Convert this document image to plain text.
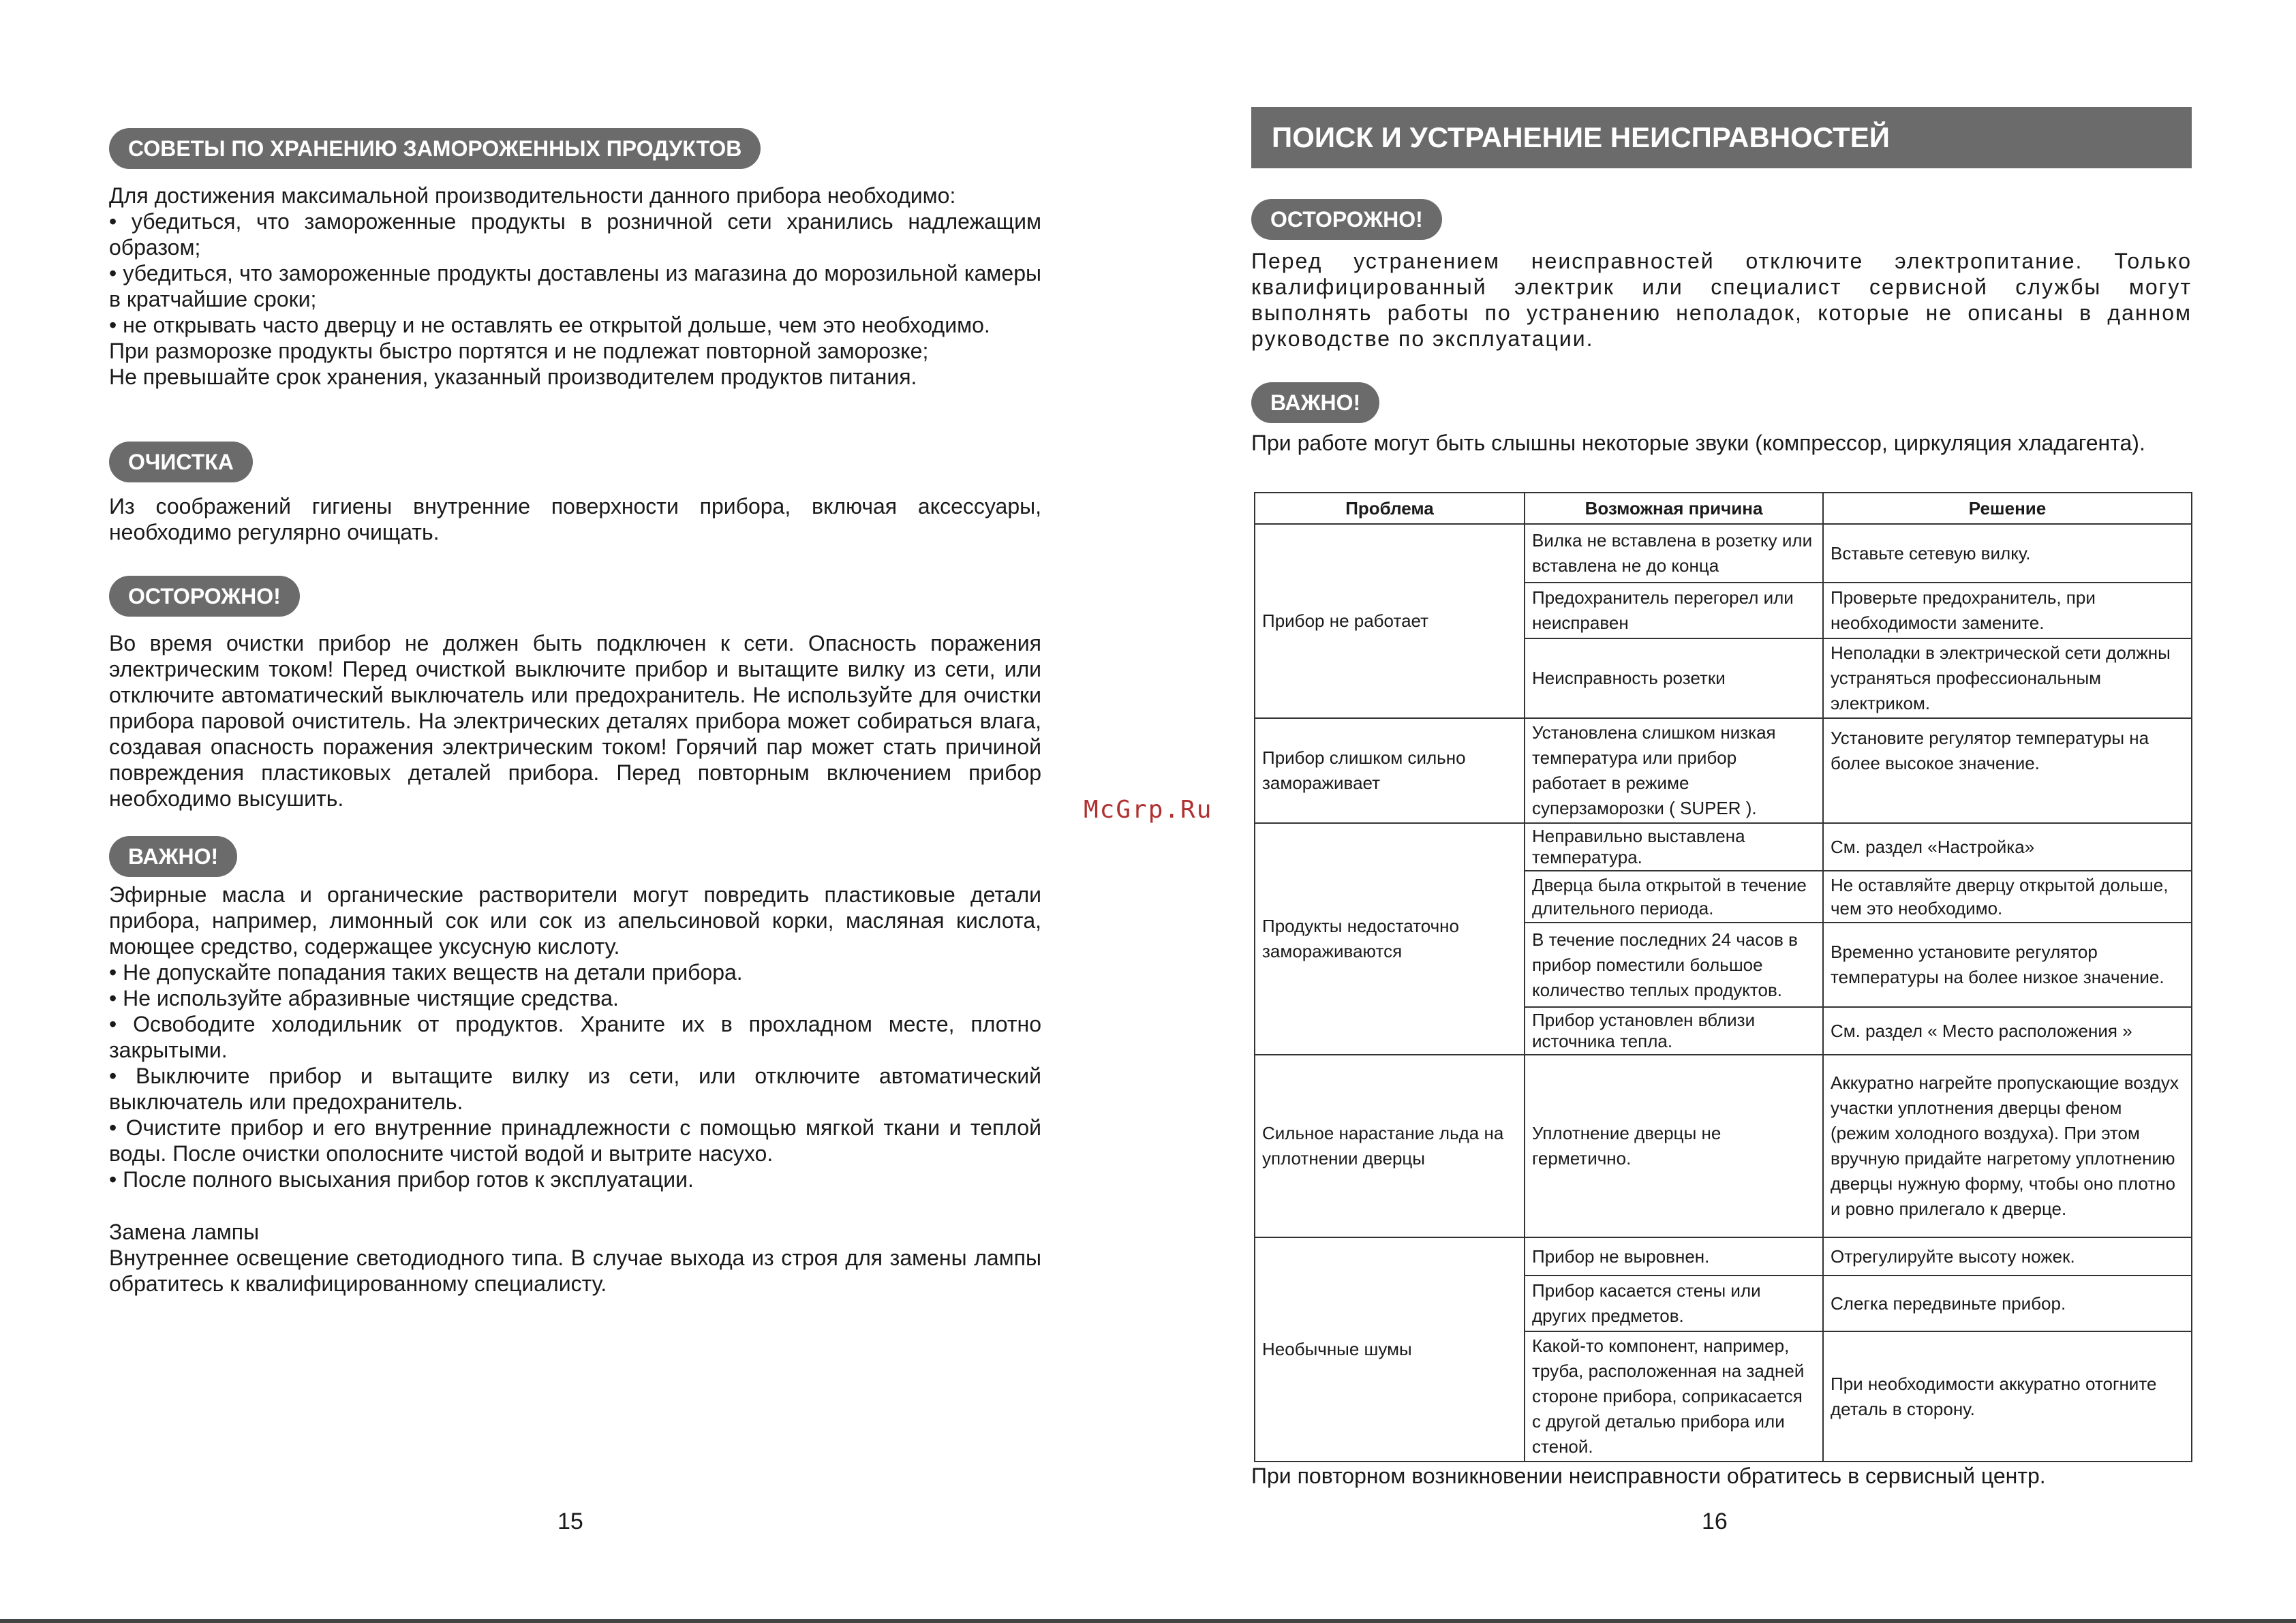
СОВЕТЫ ПО ХРАНЕНИЮ ЗАМОРОЖЕННЫХ ПРОДУКТОВ

Для достижения максимальной производительности данного прибора необходимо:

• убедиться, что замороженные продукты в розничной сети хранились надлежащим образом;

• убедиться, что замороженные продукты доставлены из магазина до морозильной камеры в кратчайшие сроки;

• не открывать часто дверцу и не оставлять ее открытой дольше, чем это необходимо.

При разморозке продукты быстро портятся и не подлежат повторной заморозке;

Не превышайте срок хранения, указанный производителем продуктов питания.

ОЧИСТКА

Из соображений гигиены внутренние поверхности прибора, включая аксессуары, необходимо регулярно очищать.

ОСТОРОЖНО!

Во время очистки прибор не должен быть подключен к сети. Опасность поражения электрическим током! Перед очисткой выключите прибор и вытащите вилку из сети, или отключите автоматический выключатель или предохранитель. Не используйте для очистки прибора паровой очиститель. На электрических деталях прибора может собираться влага, создавая опасность поражения электрическим током! Горячий пар может стать причиной повреждения пластиковых деталей прибора. Перед повторным включением прибор необходимо высушить.

ВАЖНО!

Эфирные масла и органические растворители могут повредить пластиковые детали прибора, например, лимонный сок или сок из апельсиновой корки, масляная кислота, моющее средство, содержащее уксусную кислоту.

• Не допускайте попадания таких веществ на детали прибора.

• Не используйте абразивные чистящие средства.

• Освободите холодильник от продуктов. Храните их в прохладном месте, плотно закрытыми.

• Выключите прибор и вытащите вилку из сети, или отключите автоматический выключатель или предохранитель.

• Очистите прибор и его внутренние принадлежности с помощью мягкой ткани и теплой воды. После очистки ополосните чистой водой и вытрите насухо.

• После полного высыхания прибор готов к эксплуатации.

Замена лампы

Внутреннее освещение светодиодного типа. В случае выхода из строя для замены лампы обратитесь к квалифицированному специалисту.

15
McGrp.Ru
ПОИСК И УСТРАНЕНИЕ НЕИСПРАВНОСТЕЙ
ОСТОРОЖНО!

Перед устранением неисправностей отключите электропитание. Только квалифицированный электрик или специалист сервисной службы могут выполнять работы по устранению неполадок, которые не описаны в данном руководстве по эксплуатации.

ВАЖНО!

При работе могут быть слышны некоторые звуки (компрессор, циркуляция хладагента).

Проблема	Возможная причина	Решение
Прибор не работает	Вилка не вставлена в розетку или вставлена не до конца	Вставьте сетевую вилку.
	Предохранитель перегорел или неисправен	Проверьте предохранитель, при необходимости замените.
	Неисправность розетки	Неполадки в электрической сети должны устраняться профессиональным электриком.
Прибор слишком сильно замораживает	Установлена слишком низкая температура или прибор работает в режиме суперзаморозки ( SUPER ).	Установите регулятор температуры на более высокое значение.
Продукты недостаточно замораживаются	Неправильно выставлена температура.	См. раздел «Настройка»
	Дверца была открытой в течение длительного периода.	Не оставляйте дверцу открытой дольше, чем это необходимо.
	В течение последних 24 часов в прибор поместили большое количество теплых продуктов.	Временно установите регулятор температуры на более низкое значение.
	Прибор установлен вблизи источника тепла.	См. раздел « Место расположения »
Сильное нарастание льда на уплотнении дверцы	Уплотнение дверцы не герметично.	Аккуратно нагрейте пропускающие воздух участки уплотнения дверцы феном (режим холодного воздуха). При этом вручную придайте нагретому уплотнению дверцы нужную форму, чтобы оно плотно и ровно прилегало к дверце.
Необычные шумы	Прибор не выровнен.	Отрегулируйте высоту ножек.
	Прибор касается стены или других предметов.	Слегка передвиньте прибор.
	Какой-то компонент, например, труба, расположенная на задней стороне прибора, соприкасается с другой деталью прибора или стеной.	При необходимости аккуратно отогните деталь в сторону.

При повторном возникновении неисправности обратитесь в сервисный центр.

16
